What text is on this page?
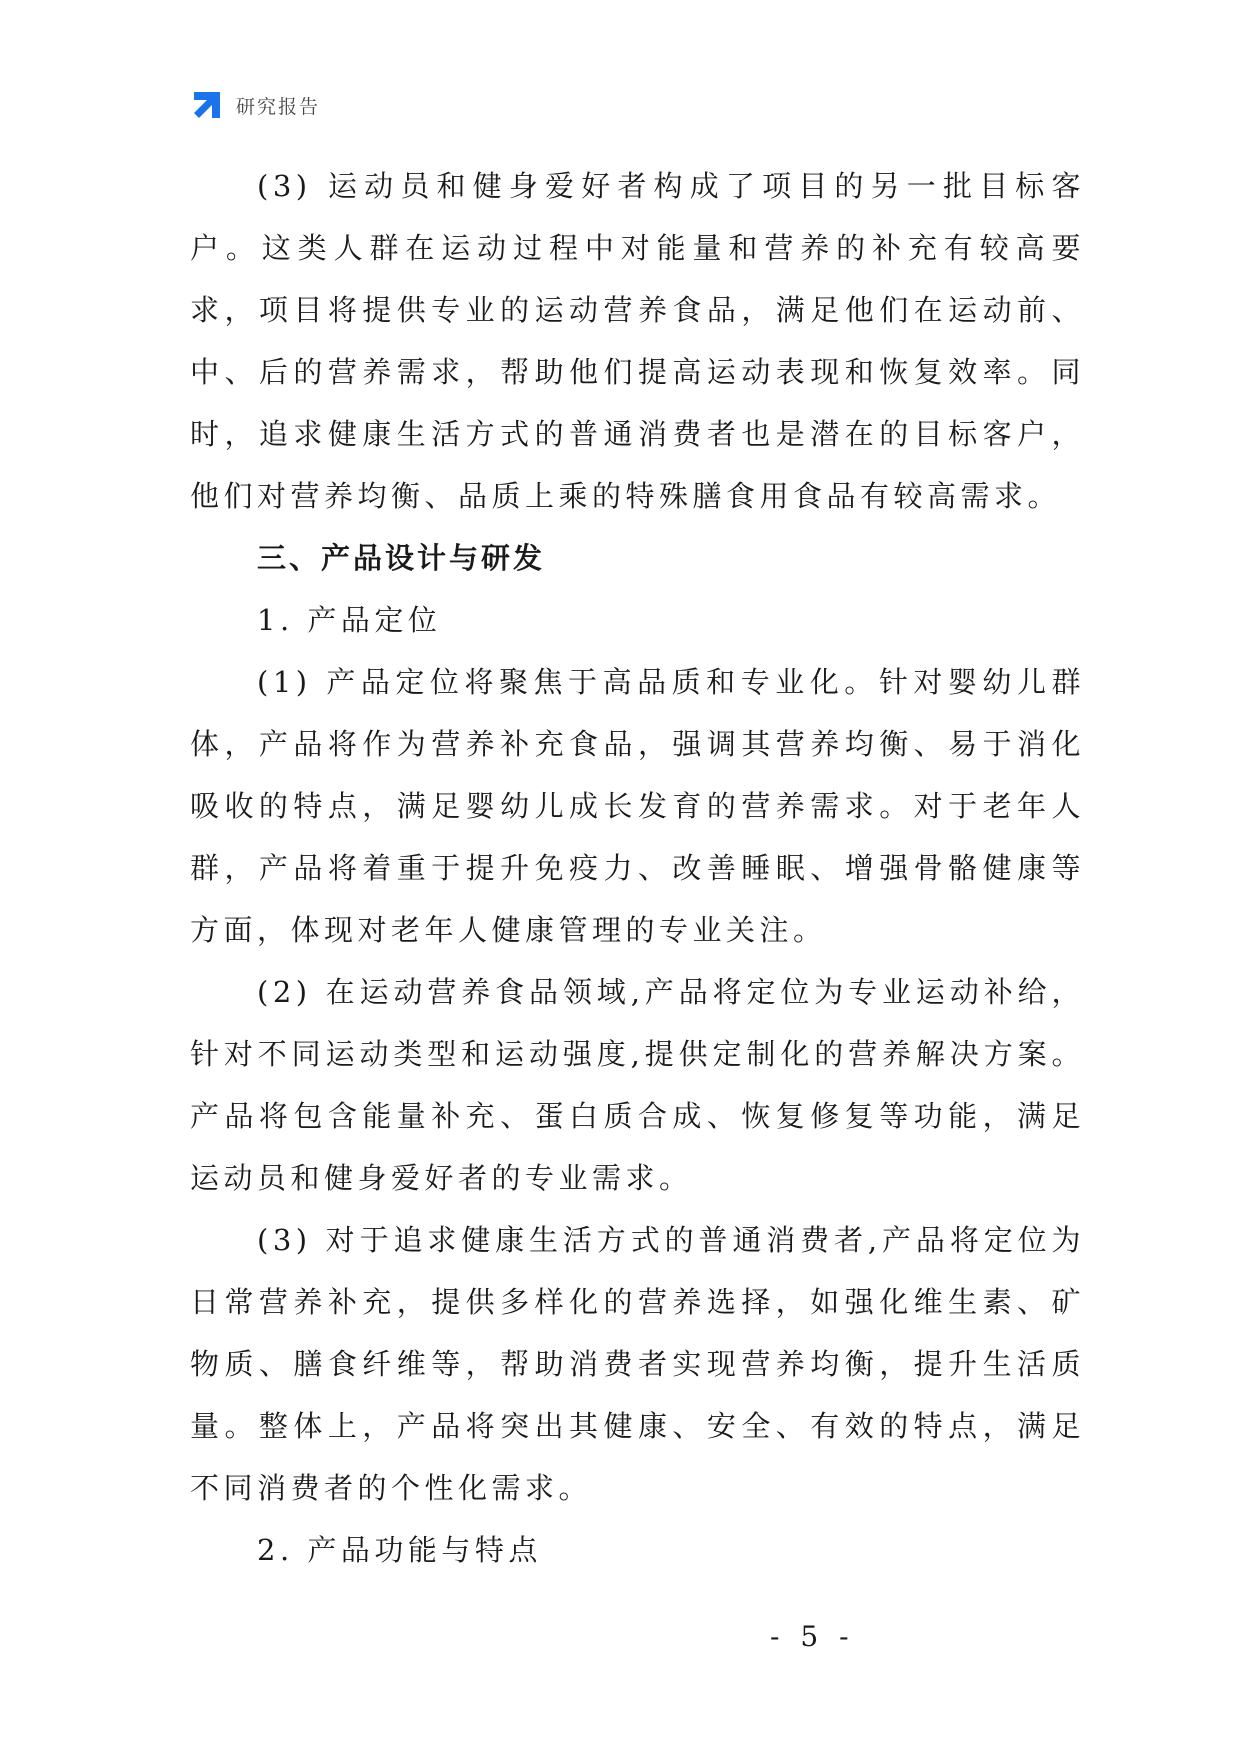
研究报告

(3) 运动员和健身爱好者构成了项目的另一批目标客户。这类人群在运动过程中对能量和营养的补充有较高要求，项目将提供专业的运动营养食品，满足他们在运动前、中、后的营养需求，帮助他们提高运动表现和恢复效率。同时，追求健康生活方式的普通消费者也是潜在的目标客户，他们对营养均衡、品质上乘的特殊膳食用食品有较高需求。

三、产品设计与研发

1. 产品定位

(1) 产品定位将聚焦于高品质和专业化。针对婴幼儿群体，产品将作为营养补充食品，强调其营养均衡、易于消化吸收的特点，满足婴幼儿成长发育的营养需求。对于老年人群，产品将着重于提升免疫力、改善睡眠、增强骨骼健康等方面，体现对老年人健康管理的专业关注。

(2) 在运动营养食品领域,产品将定位为专业运动补给，针对不同运动类型和运动强度,提供定制化的营养解决方案。产品将包含能量补充、蛋白质合成、恢复修复等功能，满足运动员和健身爱好者的专业需求。

(3) 对于追求健康生活方式的普通消费者,产品将定位为日常营养补充，提供多样化的营养选择，如强化维生素、矿物质、膳食纤维等，帮助消费者实现营养均衡，提升生活质量。整体上，产品将突出其健康、安全、有效的特点，满足不同消费者的个性化需求。

2. 产品功能与特点

- 5 -
